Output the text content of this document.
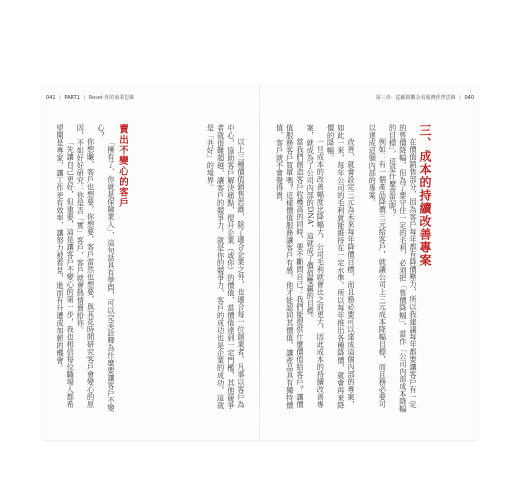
041 | PART1 | Reset 你的商業思維	第三章：從顧問觀念看服務經營思維 | 040

三、成本的持續改善專案

在價值銷售部分，因為客戶每年都有降價壓力，所以我建議每年都要讓客戶有一定的售價降幅，但為了要守住一定的毛利，必須把「售價降幅」，當作「公司內部成本降幅的目標」，這是什麼意思呢？

例如：有一個產品降價三元給客戶，就讓公司上三元成本降幅目標，而且務必要可以達成這個內部的專案。

改善，就會設定三元為未來每年降價目標，而且務必要可以達成這個內部的專案，如此一來，每年公司的毛利就能維持在一定水準。所以每年推出各種降價，就會再來降價的降幅。

一旦成本的改善幅度比降幅大，公司毛利就會比之前更大，因此成本的持續改善專案，就成為了公司內部的DNA，這就成了價值雙贏的目標。

當我們創造客戶收穫高的同時，要不斷問自己：我們能提供什麼價值給客戶？讓價值服務客戶買單嗎？這樣價值服務讓客戶有感，他才能認同其價值，讓產品具有獨特價值，客戶就不會覺得貴。

以上三種價值銷售思維，除了適合企業之外，也適合每一位創業者。凡事以客戶為中心，協助客戶解決痛點，提升企業（或你）的價值，當價值達到一定門檻，其他競爭者就很難超越，讓客戶的競爭力，就是你的競爭力，客戶的成功也是企業的成功，這就是「共好」的境界。

賣出不變心的客戶

「擁有了，你就是保險業人」，這句話具有學問，可以完美詮釋為什麼要讓客戶不變心？

你想賺，客戶也想要，你想要，客戶當然也想要，與其花時間研究客戶會變心的原因，不如好好研究：你是否「實」客戶，客戶就會熱情賣給你。

「先讓自己更好，但重要，這是讓客戶不變心的第一步，我也相信每位職場人都希望開是專家，讓工作更有效率，讓努力被看見，進而有升遷或加薪的機會。
